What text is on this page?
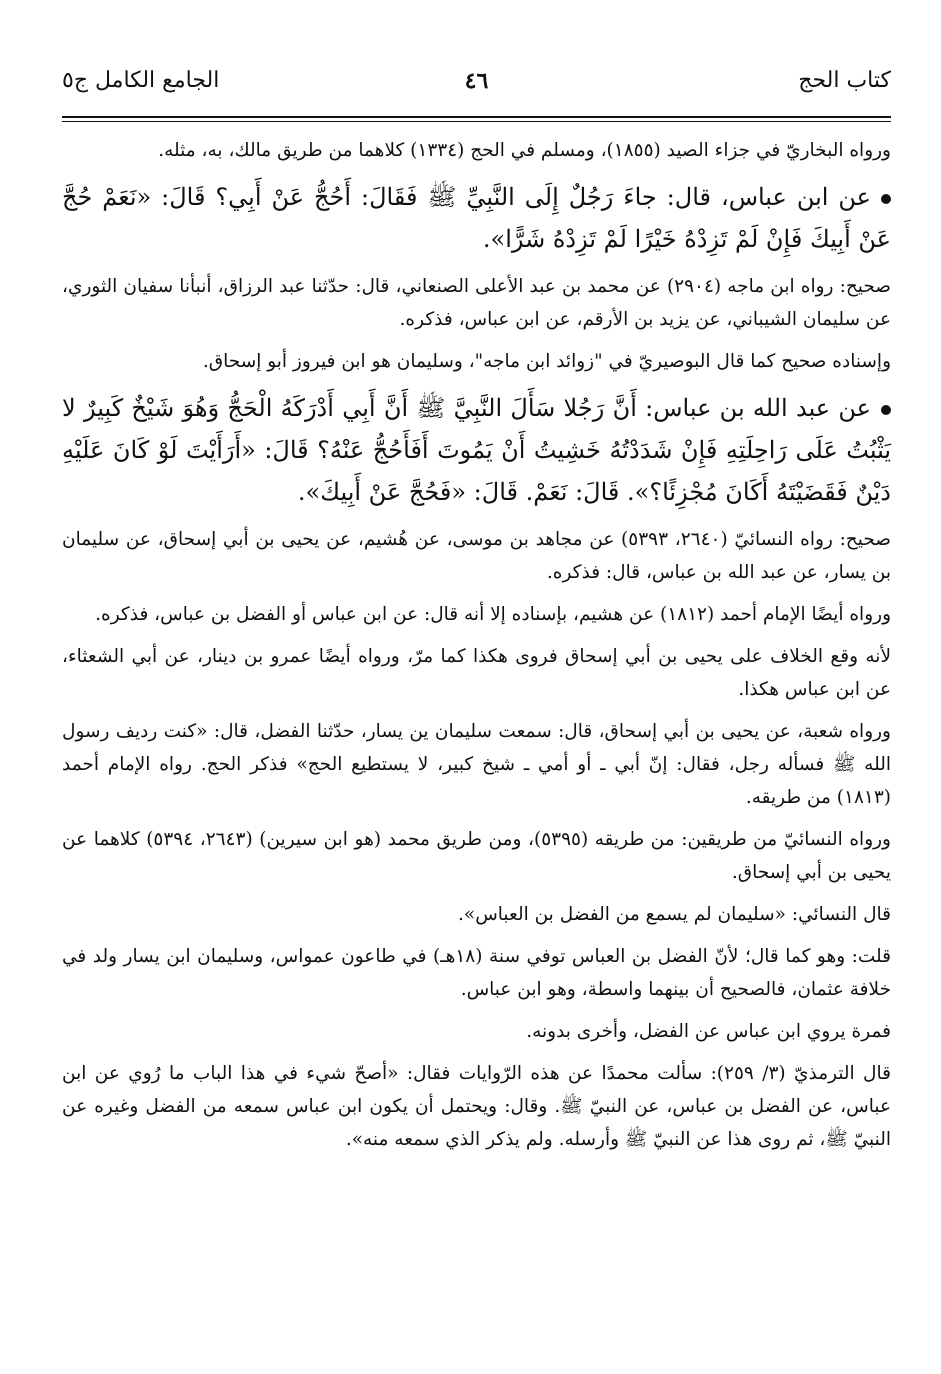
كتاب الحج
٤٦
الجامع الكامل ج٥

ورواه البخاريّ في جزاء الصيد (١٨٥٥)، ومسلم في الحج (١٣٣٤) كلاهما من طريق مالك، به، مثله.

عن ابن عباس، قال: جاءَ رَجُلٌ إِلَى النَّبِيِّ ﷺ فَقَالَ: أَحُجُّ عَنْ أَبِي؟ قَالَ: «نَعَمْ حُجَّ عَنْ أَبِيكَ فَإِنْ لَمْ تَزِدْهُ خَيْرًا لَمْ تَزِدْهُ شَرًّا».

صحيح: رواه ابن ماجه (٢٩٠٤) عن محمد بن عبد الأعلى الصنعاني، قال: حدّثنا عبد الرزاق، أنبأنا سفيان الثوري، عن سليمان الشيباني، عن يزيد بن الأرقم، عن ابن عباس، فذكره.

وإسناده صحيح كما قال البوصيريّ في "زوائد ابن ماجه"، وسليمان هو ابن فيروز أبو إسحاق.

عن عبد الله بن عباس: أَنَّ رَجُلا سَأَلَ النَّبِيَّ ﷺ أَنَّ أَبِي أَدْرَكَهُ الْحَجُّ وَهُوَ شَيْخٌ كَبِيرٌ لا يَثْبُتُ عَلَى رَاحِلَتِهِ فَإِنْ شَدَدْتُهُ خَشِيتُ أَنْ يَمُوتَ أَفَأَحُجُّ عَنْهُ؟ قَالَ: «أَرَأَيْتَ لَوْ كَانَ عَلَيْهِ دَيْنٌ فَقَضَيْتَهُ أَكَانَ مُجْزِئًا؟». قَالَ: نَعَمْ. قَالَ: «فَحُجَّ عَنْ أَبِيكَ».

صحيح: رواه النسائيّ (٢٦٤٠، ٥٣٩٣) عن مجاهد بن موسى، عن هُشيم، عن يحيى بن أبي إسحاق، عن سليمان بن يسار، عن عبد الله بن عباس، قال: فذكره.

ورواه أيضًا الإمام أحمد (١٨١٢) عن هشيم، بإسناده إلا أنه قال: عن ابن عباس أو الفضل بن عباس، فذكره.

لأنه وقع الخلاف على يحيى بن أبي إسحاق فروى هكذا كما مرّ، ورواه أيضًا عمرو بن دينار، عن أبي الشعثاء، عن ابن عباس هكذا.

ورواه شعبة، عن يحيى بن أبي إسحاق، قال: سمعت سليمان ين يسار، حدّثنا الفضل، قال: «كنت رديف رسول الله ﷺ فسأله رجل، فقال: إنّ أبي ـ أو أمي ـ شيخ كبير، لا يستطيع الحج» فذكر الحج. رواه الإمام أحمد (١٨١٣) من طريقه.

ورواه النسائيّ من طريقين: من طريقه (٥٣٩٥)، ومن طريق محمد (هو ابن سيرين) (٢٦٤٣، ٥٣٩٤) كلاهما عن يحيى بن أبي إسحاق.

قال النسائي: «سليمان لم يسمع من الفضل بن العباس».

قلت: وهو كما قال؛ لأنّ الفضل بن العباس توفي سنة (١٨هـ) في طاعون عمواس، وسليمان ابن يسار ولد في خلافة عثمان، فالصحيح أن بينهما واسطة، وهو ابن عباس.

فمرة يروي ابن عباس عن الفضل، وأخرى بدونه.

قال الترمذيّ (٣/ ٢٥٩): سألت محمدًا عن هذه الرّوايات فقال: «أصحّ شيء في هذا الباب ما رُوي عن ابن عباس، عن الفضل بن عباس، عن النبيّ ﷺ. وقال: ويحتمل أن يكون ابن عباس سمعه من الفضل وغيره عن النبيّ ﷺ، ثم روى هذا عن النبيّ ﷺ وأرسله. ولم يذكر الذي سمعه منه».
